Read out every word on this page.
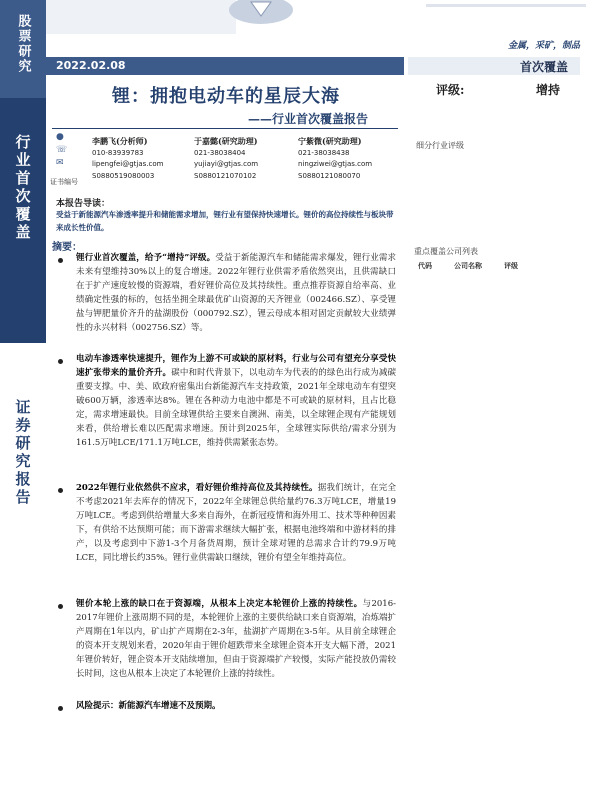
股票研究
行业首次覆盖
证券研究报告
金属，采矿，制品
2022.02.08	首次覆盖
锂：拥抱电动车的星辰大海
——行业首次覆盖报告
评级:	增持
●
☏
✉
证书编号
李鹏飞(分析师)
010-83939783
lipengfei@gtjas.com
S0880519080003
于嘉懿(研究助理)
021-38038404
yujiayi@gtjas.com
S0880121070102
宁紫微(研究助理)
021-38038438
ningziwei@gtjas.com
S0880121080070
细分行业评级
重点覆盖公司列表
代码	公司名称	评级
本报告导读：
受益于新能源汽车渗透率提升和储能需求增加，锂行业有望保持快速增长。锂价的高位持续性与板块带来成长性价值。
摘要：
锂行业首次覆盖，给予“增持”评级。受益于新能源汽车和储能需求爆发，锂行业需求未来有望维持30%以上的复合增速。2022年锂行业供需矛盾依然突出，且供需缺口在于扩产速度较慢的资源端，看好锂价高位及其持续性。重点推荐资源自给率高、业绩确定性强的标的，包括坐拥全球最优矿山资源的天齐锂业（002466.SZ）、享受锂盐与钾肥量价齐升的盐湖股份（000792.SZ），锂云母成本相对固定贡献较大业绩弹性的永兴材料（002756.SZ）等。
电动车渗透率快速提升，锂作为上游不可或缺的原材料，行业与公司有望充分享受快速扩张带来的量价齐升。碳中和时代背景下，以电动车为代表的的绿色出行成为减碳重要支撑。中、美、欧政府密集出台新能源汽车支持政策，2021年全球电动车有望突破600万辆，渗透率达8%。锂在各种动力电池中都是不可或缺的原材料，且占比稳定，需求增速最快。目前全球锂供给主要来自澳洲、南美，以全球锂企现有产能规划来看，供给增长难以匹配需求增速。预计到2025年，全球锂实际供给/需求分别为161.5万吨LCE/171.1万吨LCE，维持供需紧张态势。
2022年锂行业依然供不应求，看好锂价维持高位及其持续性。据我们统计，在完全不考虑2021年去库存的情况下，2022年全球锂总供给量约76.3万吨LCE，增量19万吨LCE。考虑到供给增量大多来自海外，在新冠疫情和海外用工、技术等种种因素下，有供给不达预期可能；而下游需求继续大幅扩张，根据电池终端和中游材料的排产，以及考虑到中下游1-3个月备货周期，预计全球对锂的总需求合计约79.9万吨LCE，同比增长约35%。锂行业供需缺口继续，锂价有望全年维持高位。
锂价本轮上涨的缺口在于资源端，从根本上决定本轮锂价上涨的持续性。与2016-2017年锂价上涨周期不同的是，本轮锂价上涨的主要供给缺口来自资源端，冶炼端扩产周期在1年以内，矿山扩产周期在2-3年，盐湖扩产周期在3-5年。从目前全球锂企的资本开支规划来看，2020年由于锂价超跌带来全球锂企资本开支大幅下滑，2021年锂价转好，锂企资本开支陆续增加，但由于资源端扩产较慢，实际产能投放仍需较长时间，这也从根本上决定了本轮锂价上涨的持续性。
风险提示：新能源汽车增速不及预期。
